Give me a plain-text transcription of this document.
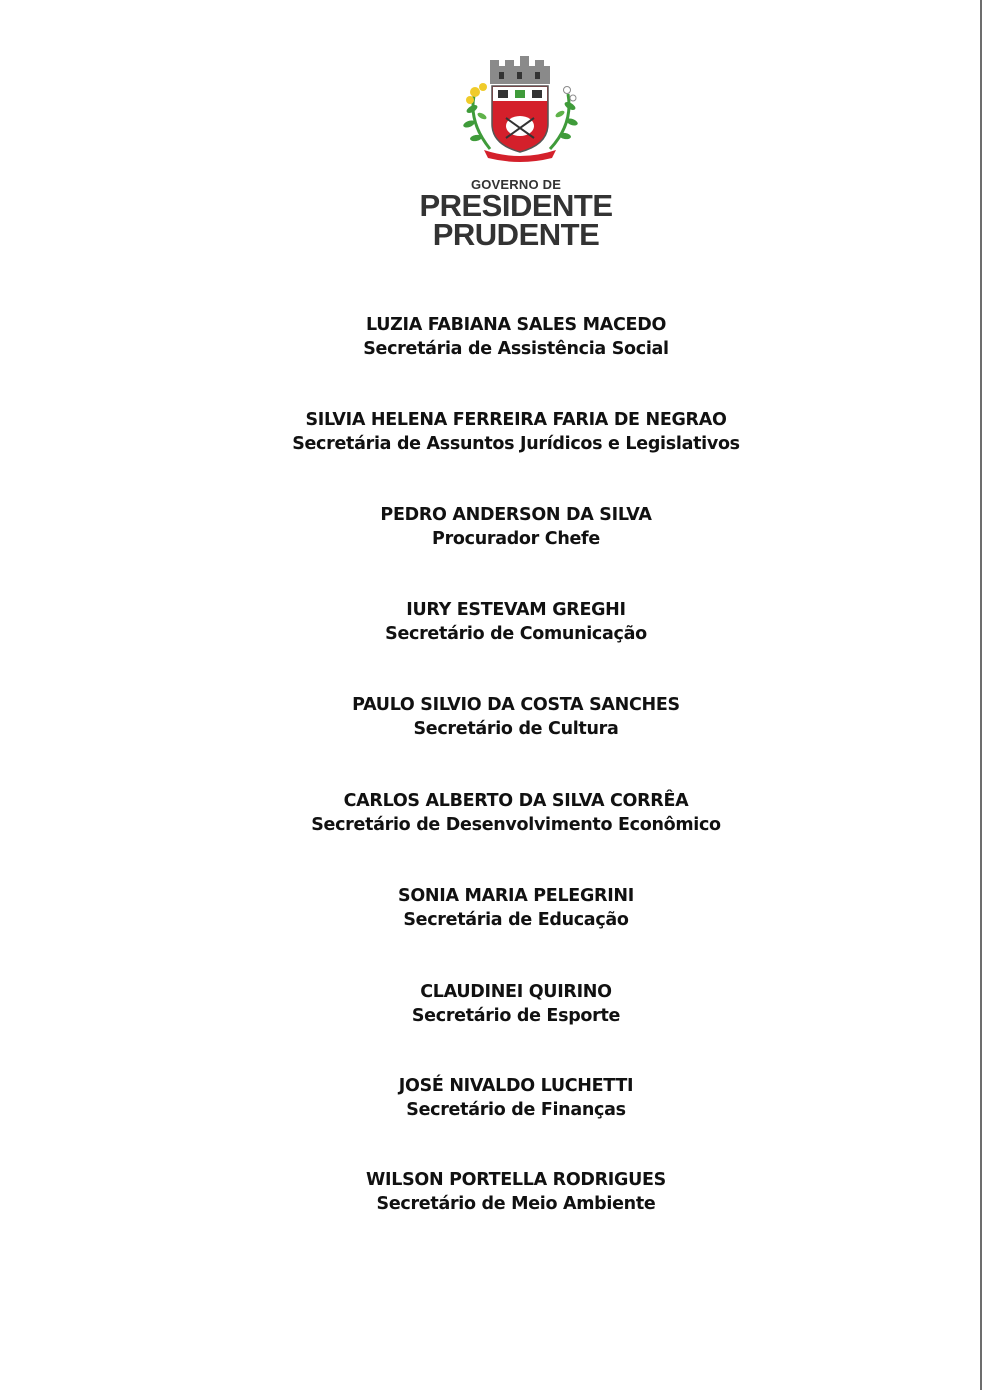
GOVERNO DE
PRESIDENTE
PRUDENTE
LUZIA FABIANA SALES MACEDO
Secretária de Assistência Social
SILVIA HELENA FERREIRA FARIA DE NEGRAO
Secretária de Assuntos Jurídicos e Legislativos
PEDRO ANDERSON DA SILVA
Procurador Chefe
IURY ESTEVAM GREGHI
Secretário de Comunicação
PAULO SILVIO DA COSTA SANCHES
Secretário de Cultura
CARLOS ALBERTO DA SILVA CORRÊA
Secretário de Desenvolvimento Econômico
SONIA MARIA PELEGRINI
Secretária de Educação
CLAUDINEI QUIRINO
Secretário de Esporte
JOSÉ NIVALDO LUCHETTI
Secretário de Finanças
WILSON PORTELLA RODRIGUES
Secretário de Meio Ambiente
